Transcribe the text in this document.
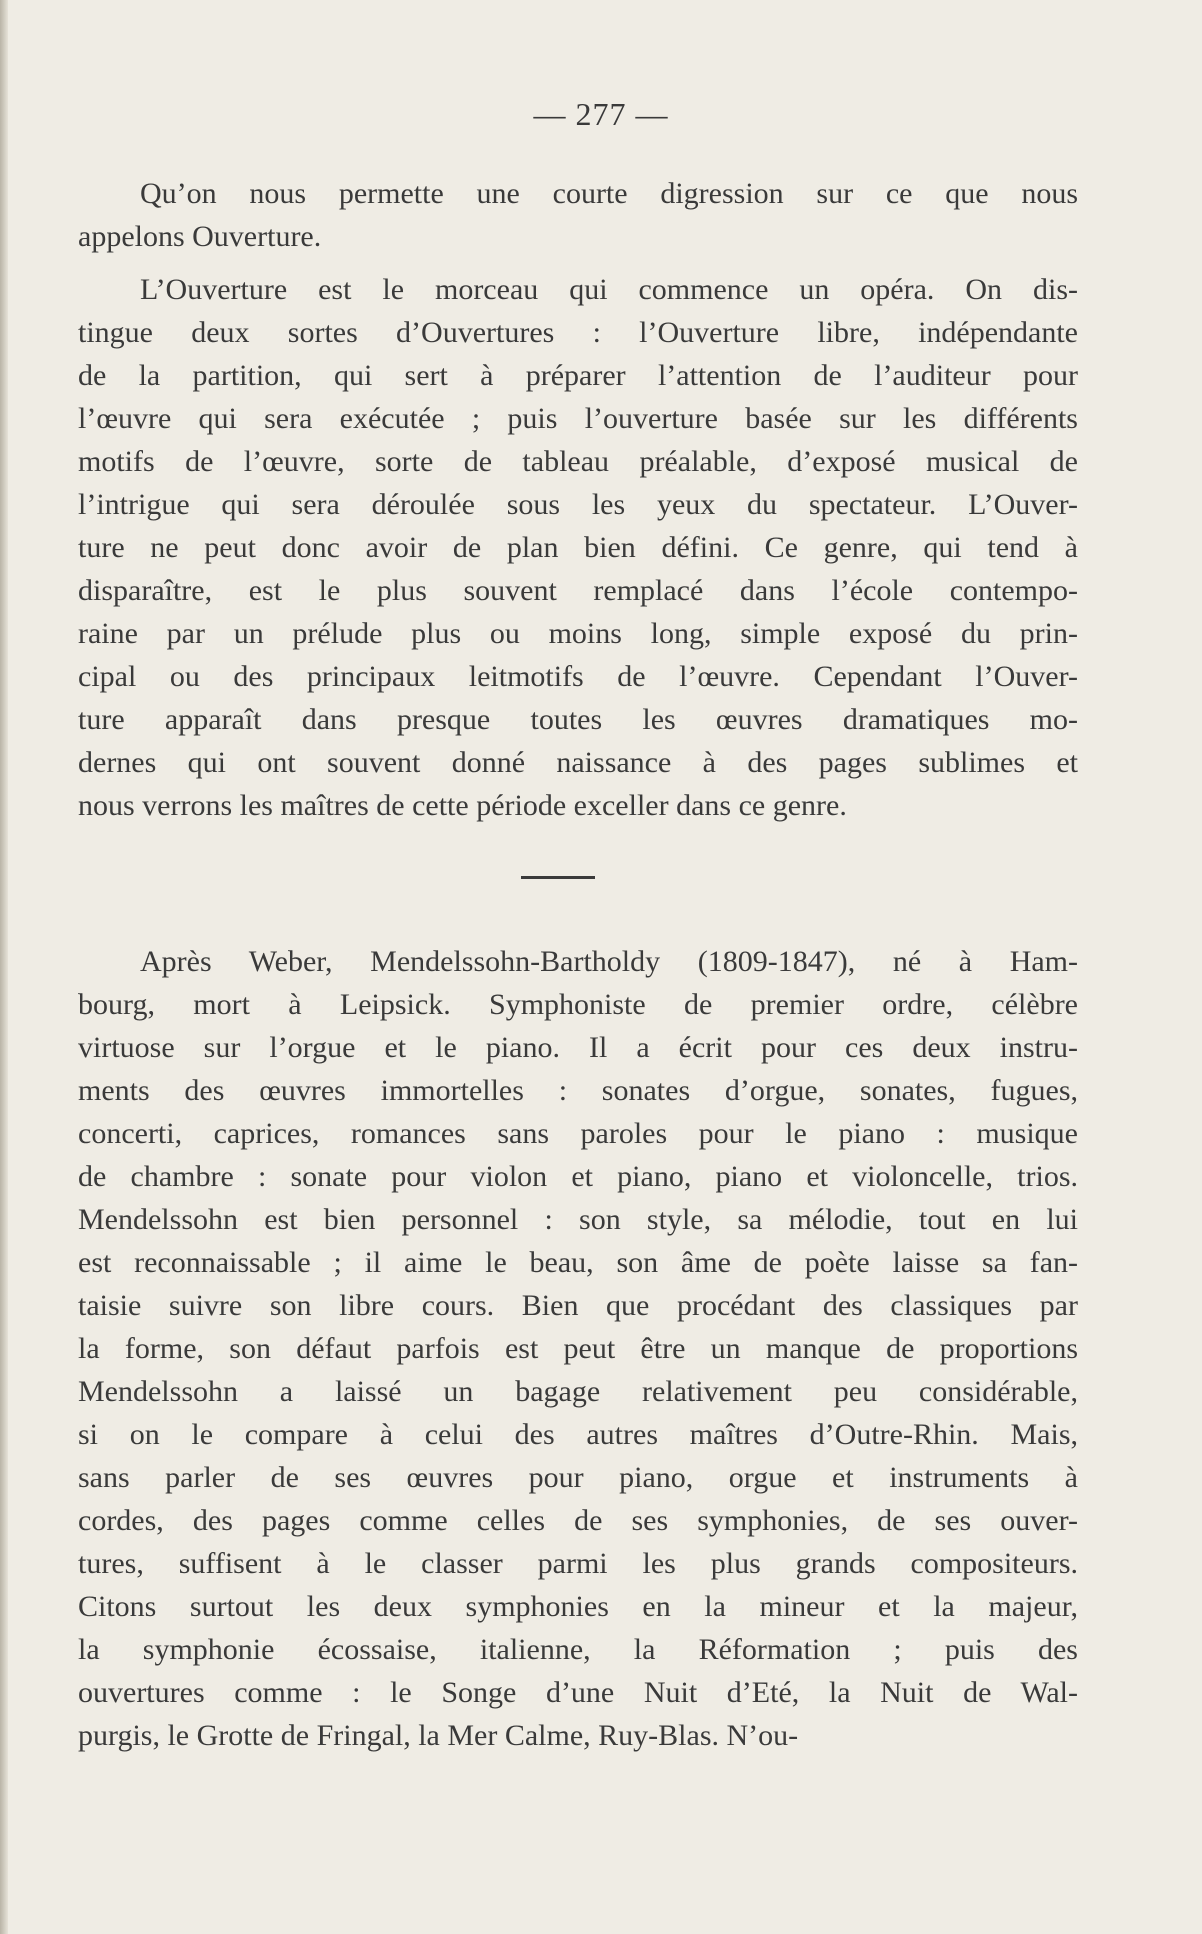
— 277 —
Qu’on nous permette une courte digression sur ce que nous
appelons Ouverture.
L’Ouverture est le morceau qui commence un opéra. On dis-
tingue deux sortes d’Ouvertures : l’Ouverture libre, indépendante
de la partition, qui sert à préparer l’attention de l’auditeur pour
l’œuvre qui sera exécutée ; puis l’ouverture basée sur les différents
motifs de l’œuvre, sorte de tableau préalable, d’exposé musical de
l’intrigue qui sera déroulée sous les yeux du spectateur. L’Ouver-
ture ne peut donc avoir de plan bien défini. Ce genre, qui tend à
disparaître, est le plus souvent remplacé dans l’école contempo-
raine par un prélude plus ou moins long, simple exposé du prin-
cipal ou des principaux leitmotifs de l’œuvre. Cependant l’Ouver-
ture apparaît dans presque toutes les œuvres dramatiques mo-
dernes qui ont souvent donné naissance à des pages sublimes et
nous verrons les maîtres de cette période exceller dans ce genre.
Après Weber, Mendelssohn-Bartholdy (1809-1847), né à Ham-
bourg, mort à Leipsick. Symphoniste de premier ordre, célèbre
virtuose sur l’orgue et le piano. Il a écrit pour ces deux instru-
ments des œuvres immortelles : sonates d’orgue, sonates, fugues,
concerti, caprices, romances sans paroles pour le piano : musique
de chambre : sonate pour violon et piano, piano et violoncelle, trios.
Mendelssohn est bien personnel : son style, sa mélodie, tout en lui
est reconnaissable ; il aime le beau, son âme de poète laisse sa fan-
taisie suivre son libre cours. Bien que procédant des classiques par
la forme, son défaut parfois est peut être un manque de proportions
Mendelssohn a laissé un bagage relativement peu considérable,
si on le compare à celui des autres maîtres d’Outre-Rhin. Mais,
sans parler de ses œuvres pour piano, orgue et instruments à
cordes, des pages comme celles de ses symphonies, de ses ouver-
tures, suffisent à le classer parmi les plus grands compositeurs.
Citons surtout les deux symphonies en la mineur et la majeur,
la symphonie écossaise, italienne, la Réformation ; puis des
ouvertures comme : le Songe d’une Nuit d’Eté, la Nuit de Wal-
purgis, le Grotte de Fringal, la Mer Calme, Ruy-Blas. N’ou-
